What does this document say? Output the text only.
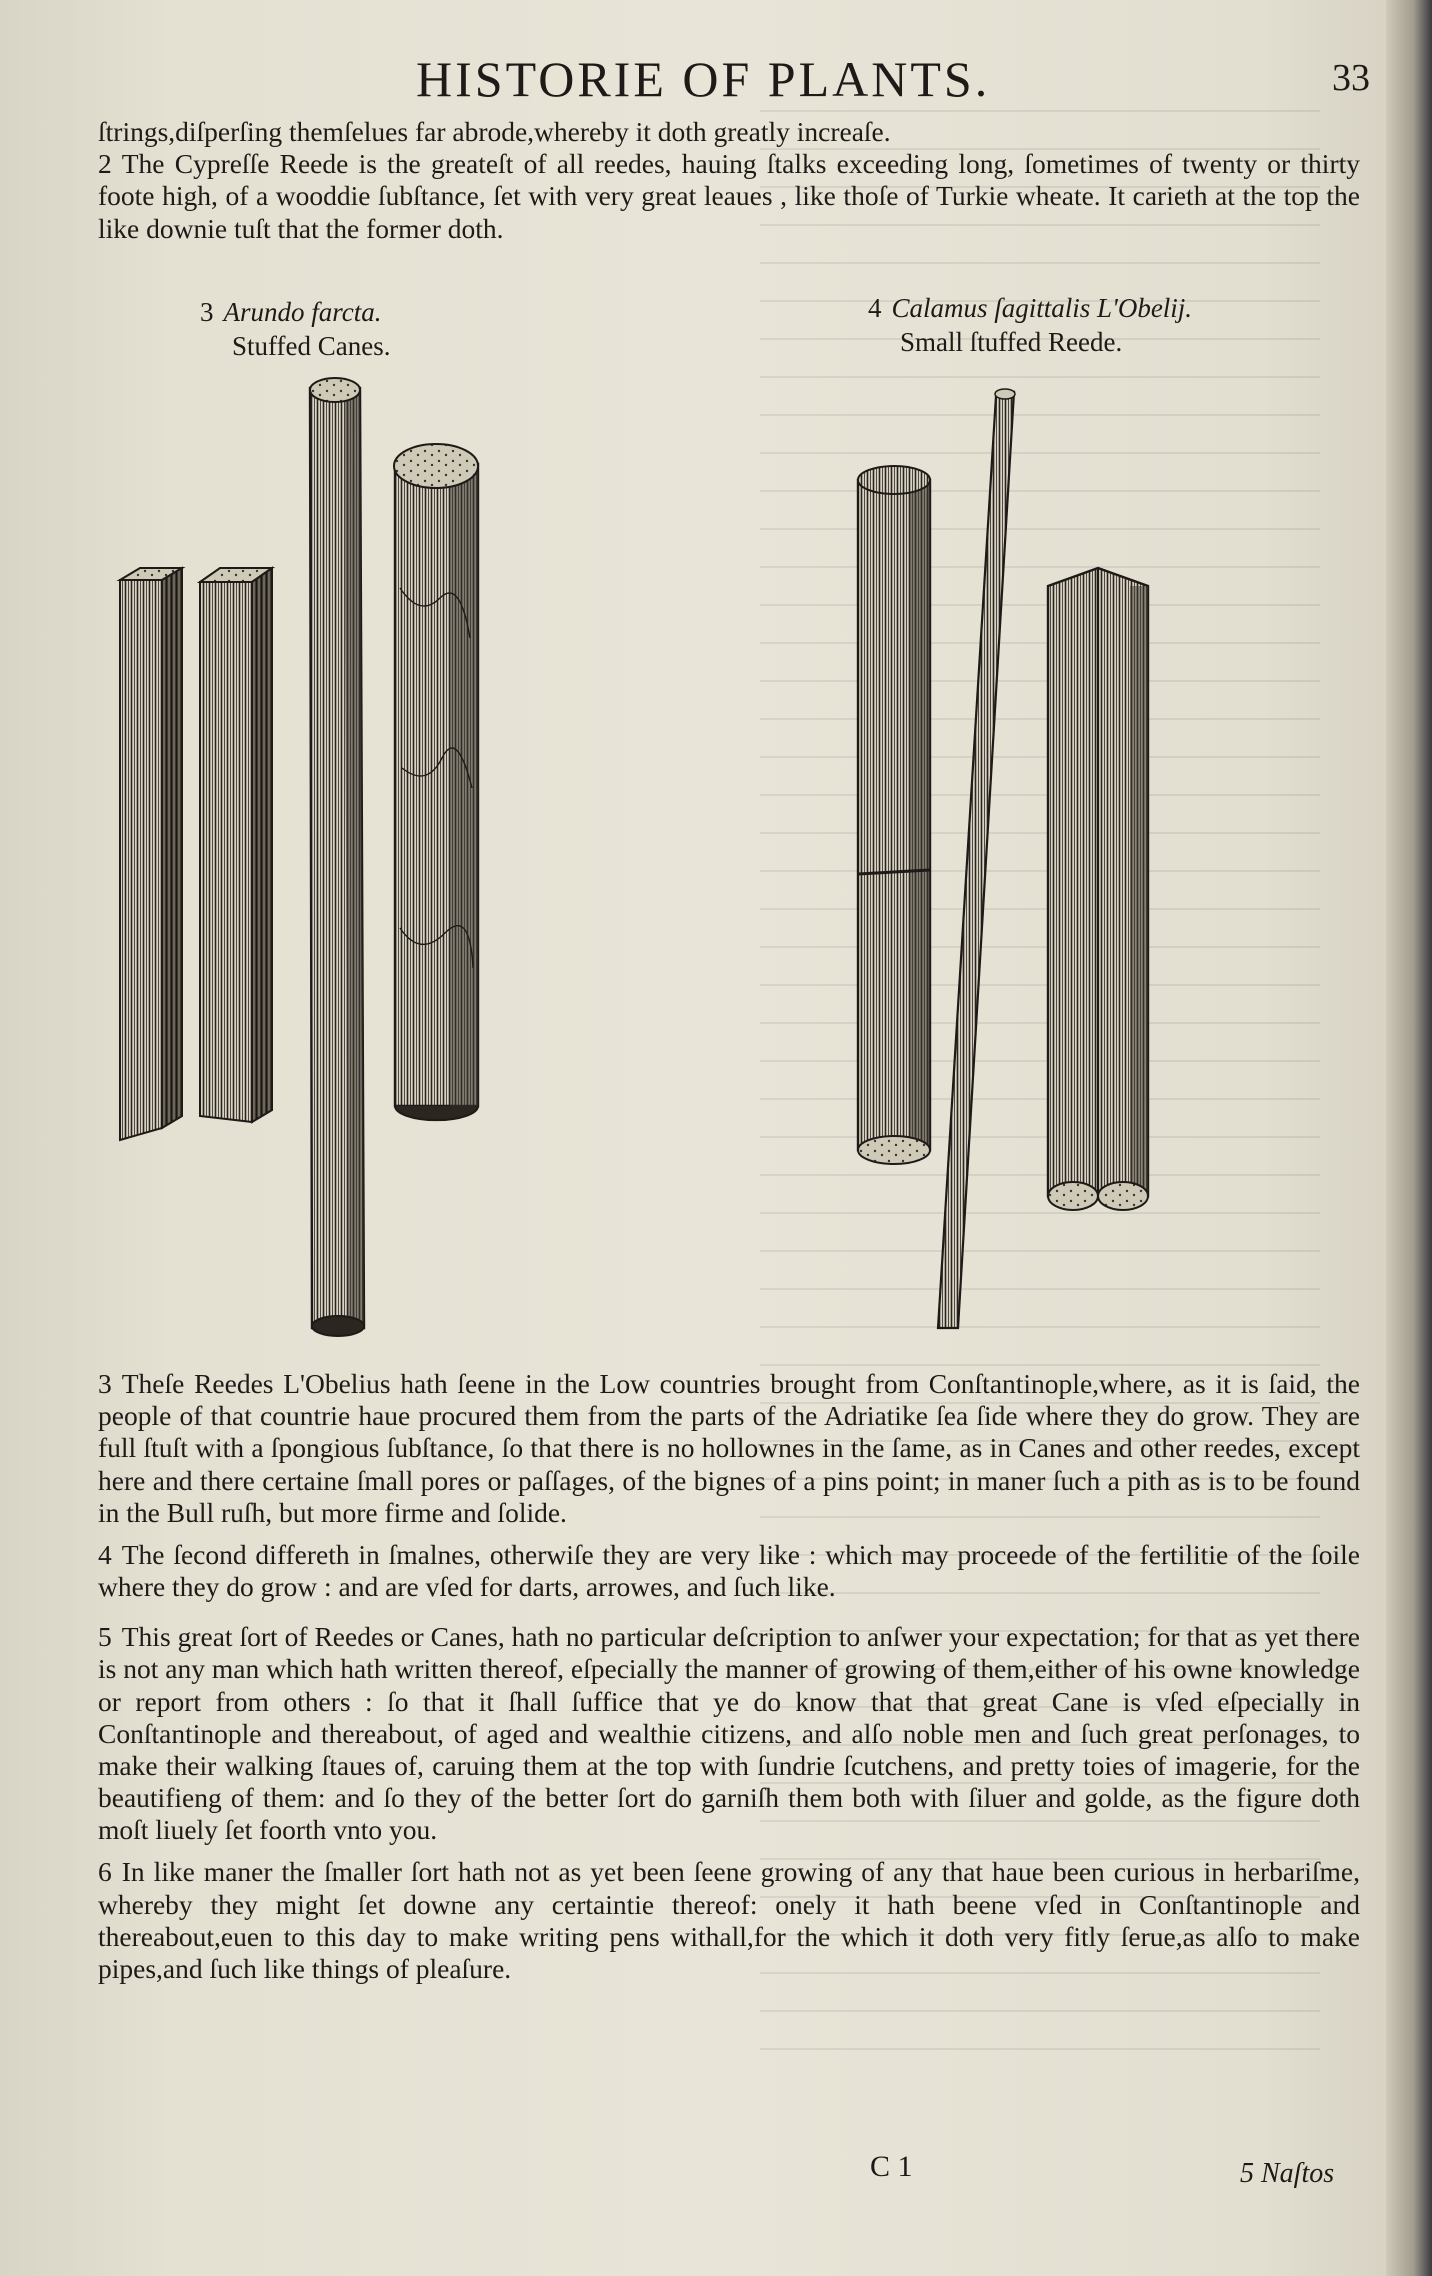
HISTORIE OF PLANTS.	33

ſtrings,diſperſing themſelues far abrode,whereby it doth greatly increaſe.

2 The Cypreſſe Reede is the greateſt of all reedes, hauing ſtalks exceeding long, ſometimes of twenty or thirty foote high, of a wooddie ſubſtance, ſet with very great leaues , like thoſe of Turkie wheate. It carieth at the top the like downie tuſt that the former doth.

3 Arundo farcta.
Stuffed Canes.
4 Calamus ſagittalis L'Obelij.
Small ſtuffed Reede.

3 Theſe Reedes L'Obelius hath ſeene in the Low countries brought from Conſtantinople,where, as it is ſaid, the people of that countrie haue procured them from the parts of the Adriatike ſea ſide where they do grow. They are full ſtuſt with a ſpongious ſubſtance, ſo that there is no hollownes in the ſame, as in Canes and other reedes, except here and there certaine ſmall pores or paſſages, of the bignes of a pins point; in maner ſuch a pith as is to be found in the Bull ruſh, but more firme and ſolide.

4 The ſecond differeth in ſmalnes, otherwiſe they are very like : which may proceede of the fertilitie of the ſoile where they do grow : and are vſed for darts, arrowes, and ſuch like.

5 This great ſort of Reedes or Canes, hath no particular deſcription to anſwer your expectation; for that as yet there is not any man which hath written thereof, eſpecially the manner of growing of them,either of his owne knowledge or report from others : ſo that it ſhall ſuffice that ye do know that that great Cane is vſed eſpecially in Conſtantinople and thereabout, of aged and wealthie citizens, and alſo noble men and ſuch great perſonages, to make their walking ſtaues of, caruing them at the top with ſundrie ſcutchens, and pretty toies of imagerie, for the beautifieng of them: and ſo they of the better ſort do garniſh them both with ſiluer and golde, as the figure doth moſt liuely ſet foorth vnto you.

6 In like maner the ſmaller ſort hath not as yet been ſeene growing of any that haue been curious in herbariſme, whereby they might ſet downe any certaintie thereof: onely it hath beene vſed in Conſtantinople and thereabout,euen to this day to make writing pens withall,for the which it doth very fitly ſerue,as alſo to make pipes,and ſuch like things of pleaſure.

C 1	5 Naſtos
